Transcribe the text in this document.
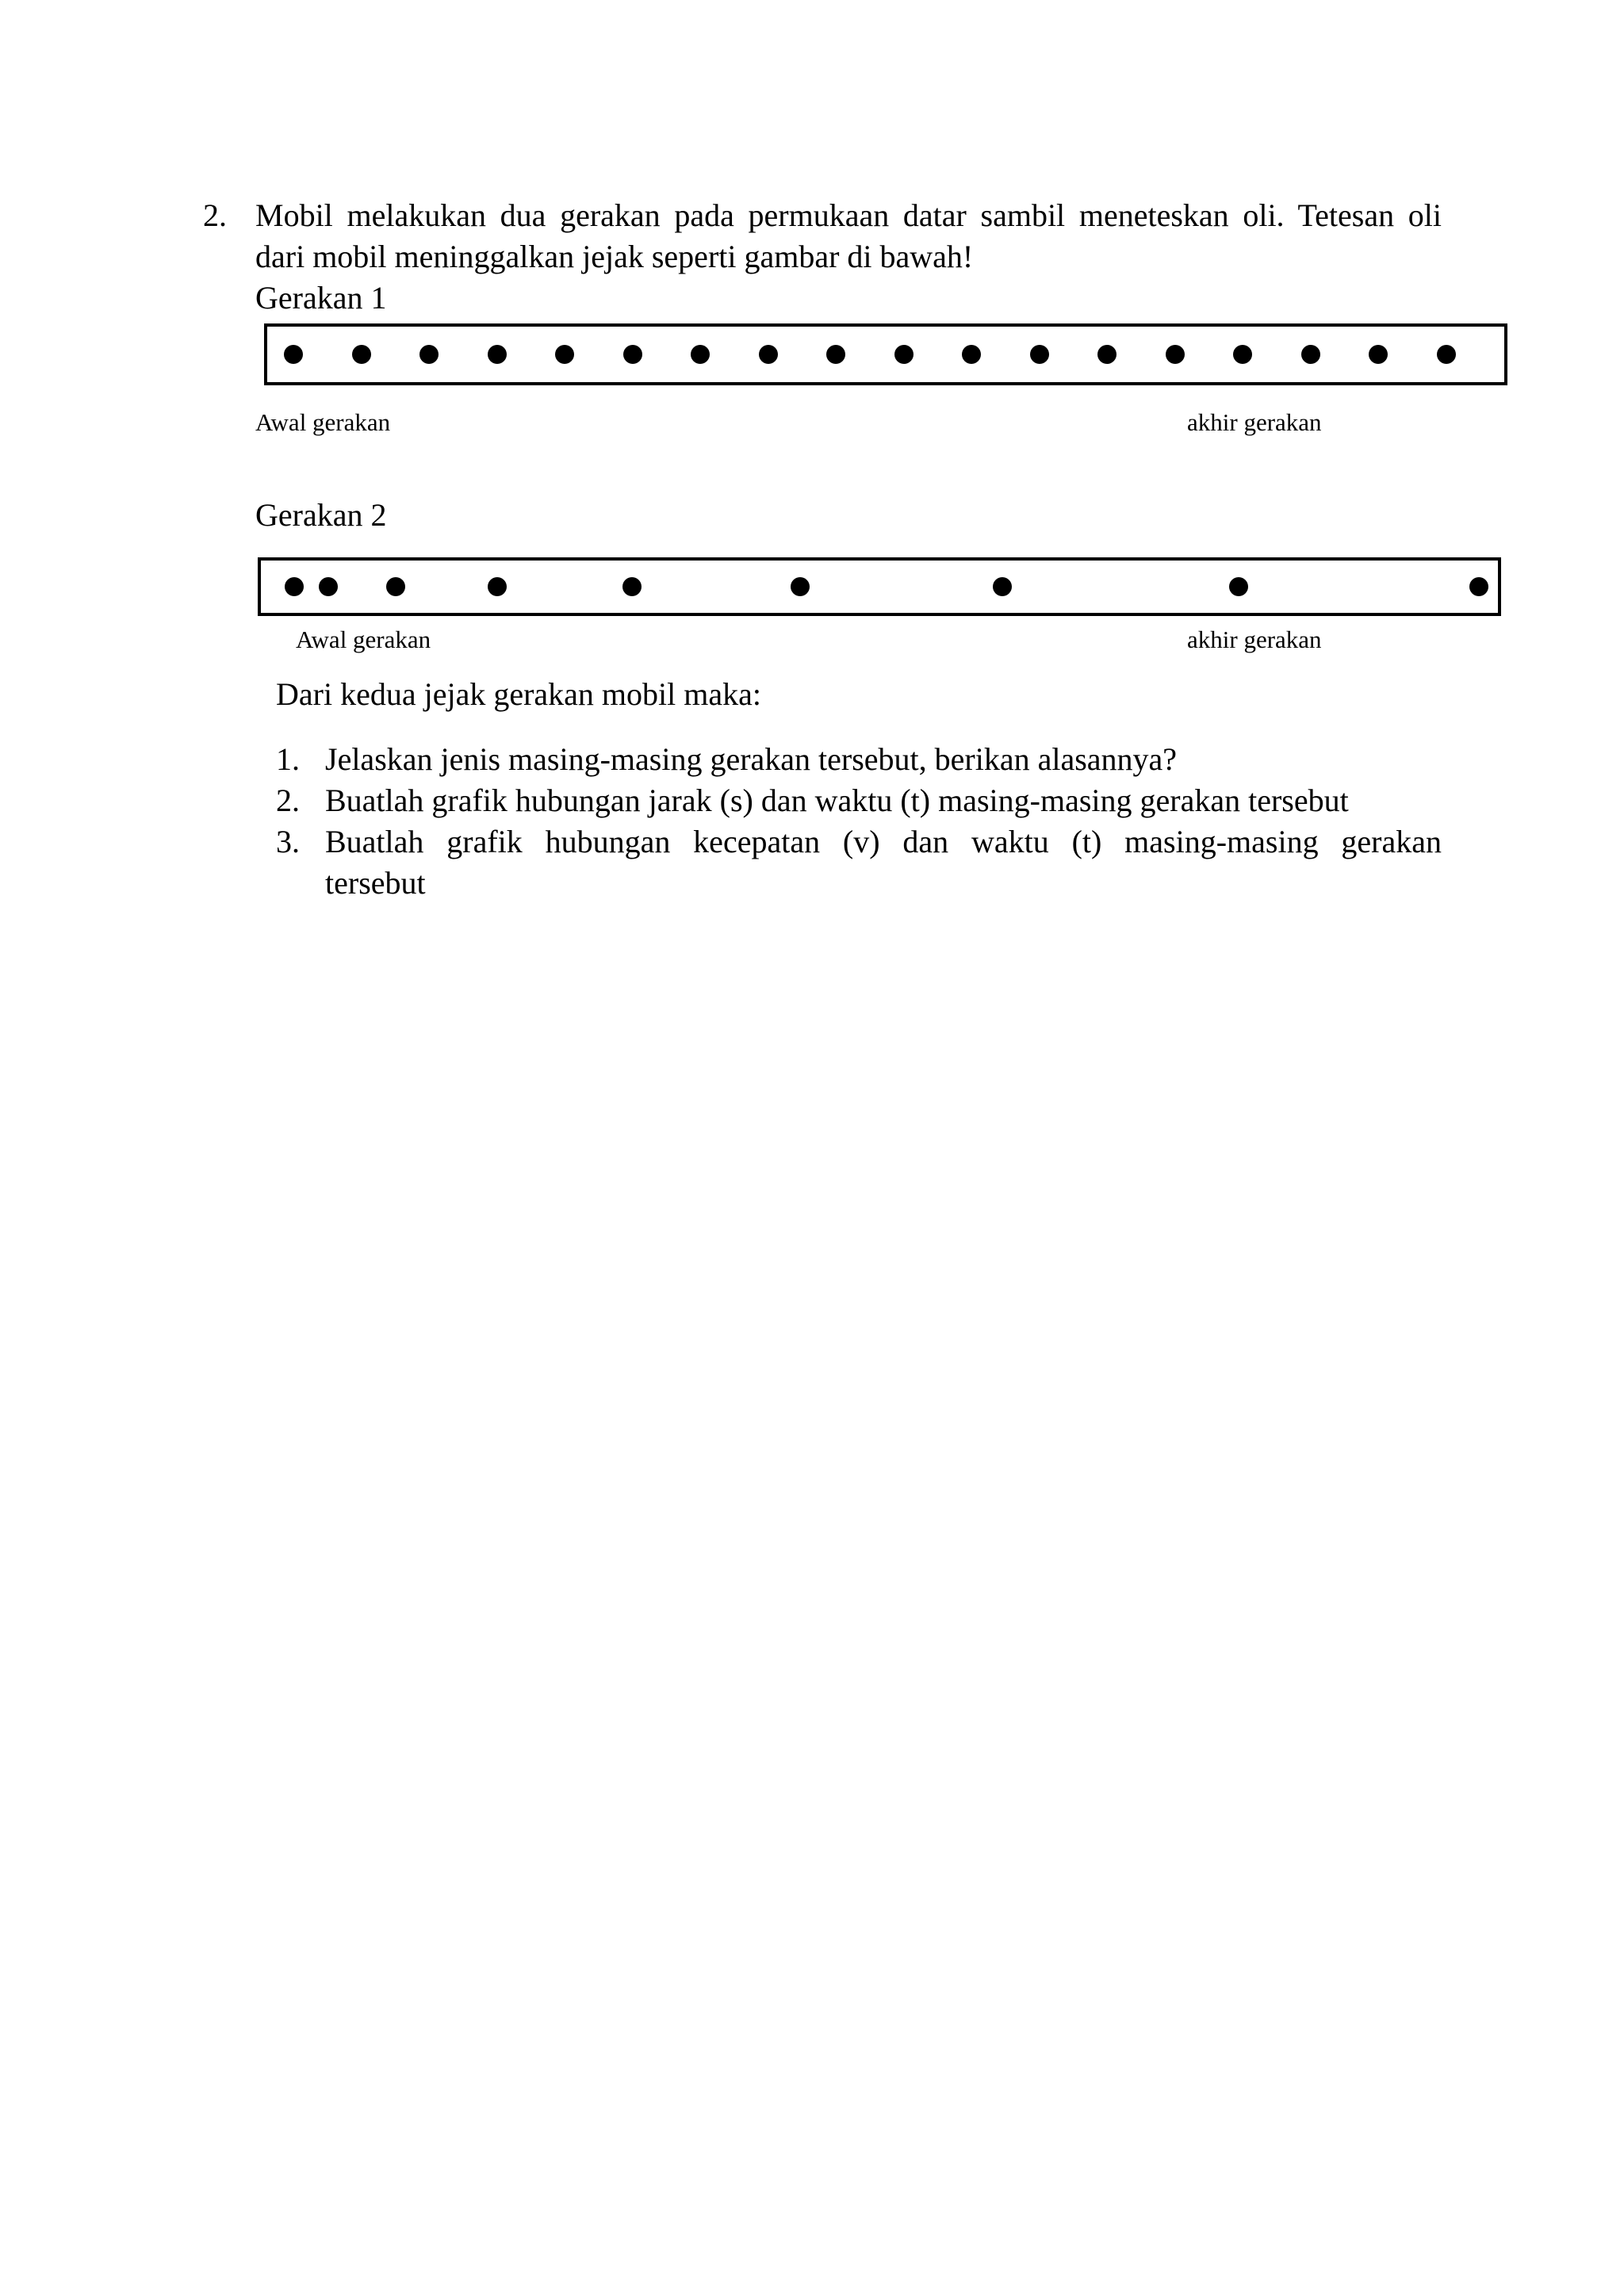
2. Mobil melakukan dua gerakan pada permukaan datar sambil meneteskan oli. Tetesan oli
dari mobil meninggalkan jejak seperti gambar di bawah!
Gerakan 1
Awal gerakan	akhir gerakan
Gerakan 2
Awal gerakan	akhir gerakan
Dari kedua jejak gerakan mobil maka:
1. Jelaskan jenis masing-masing gerakan tersebut, berikan alasannya?
2. Buatlah grafik hubungan jarak (s) dan waktu (t) masing-masing gerakan tersebut
3. Buatlah grafik hubungan kecepatan (v) dan waktu (t) masing-masing gerakan
tersebut
